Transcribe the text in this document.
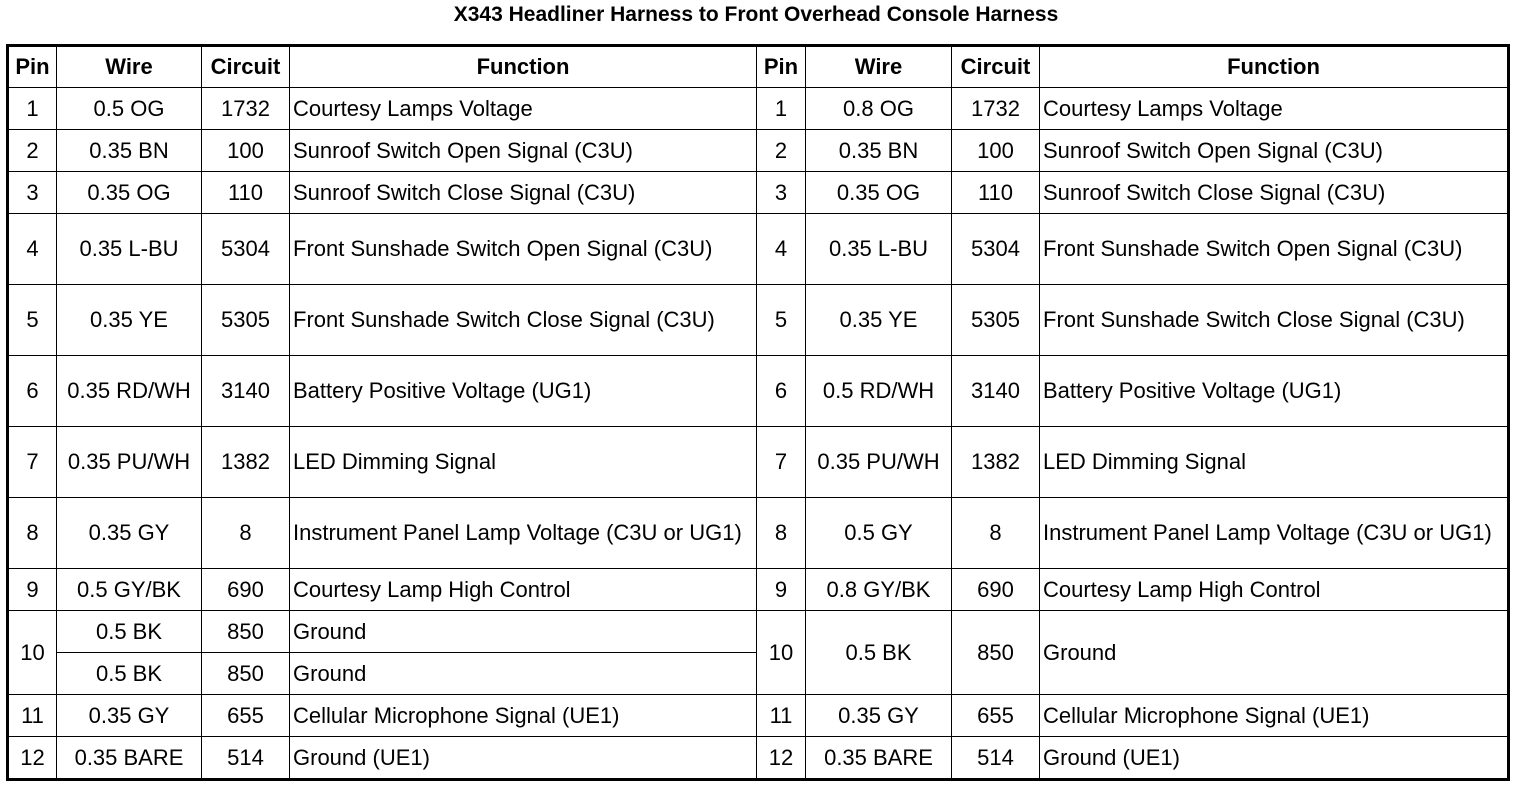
X343 Headliner Harness to Front Overhead Console Harness
Pin	Wire	Circuit	Function	Pin	Wire	Circuit	Function
1	0.5 OG	1732	Courtesy Lamps Voltage	1	0.8 OG	1732	Courtesy Lamps Voltage
2	0.35 BN	100	Sunroof Switch Open Signal (C3U)	2	0.35 BN	100	Sunroof Switch Open Signal (C3U)
3	0.35 OG	110	Sunroof Switch Close Signal (C3U)	3	0.35 OG	110	Sunroof Switch Close Signal (C3U)
4	0.35 L-BU	5304	Front Sunshade Switch Open Signal (C3U)	4	0.35 L-BU	5304	Front Sunshade Switch Open Signal (C3U)
5	0.35 YE	5305	Front Sunshade Switch Close Signal (C3U)	5	0.35 YE	5305	Front Sunshade Switch Close Signal (C3U)
6	0.35 RD/WH	3140	Battery Positive Voltage (UG1)	6	0.5 RD/WH	3140	Battery Positive Voltage (UG1)
7	0.35 PU/WH	1382	LED Dimming Signal	7	0.35 PU/WH	1382	LED Dimming Signal
8	0.35 GY	8	Instrument Panel Lamp Voltage (C3U or UG1)	8	0.5 GY	8	Instrument Panel Lamp Voltage (C3U or UG1)
9	0.5 GY/BK	690	Courtesy Lamp High Control	9	0.8 GY/BK	690	Courtesy Lamp High Control
10	0.5 BK	850	Ground	10	0.5 BK	850	Ground
	0.5 BK	850	Ground				
11	0.35 GY	655	Cellular Microphone Signal (UE1)	11	0.35 GY	655	Cellular Microphone Signal (UE1)
12	0.35 BARE	514	Ground (UE1)	12	0.35 BARE	514	Ground (UE1)
